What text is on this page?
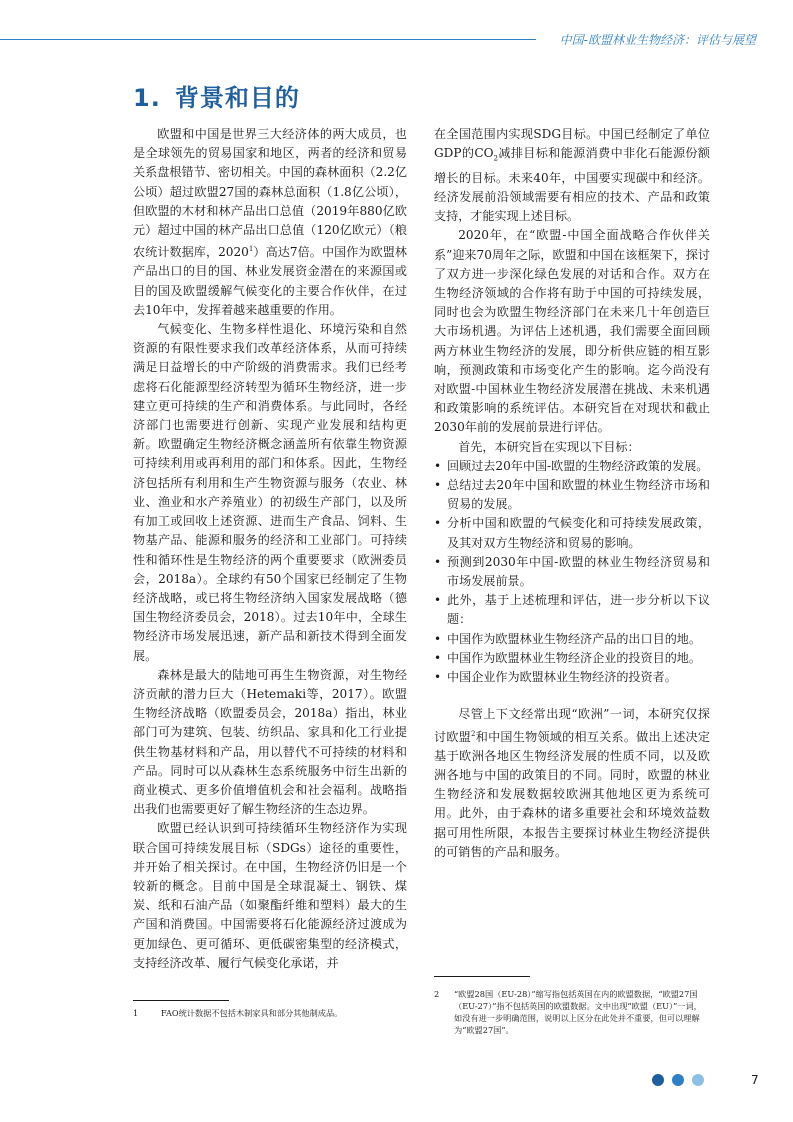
中国-欧盟林业生物经济：评估与展望
1. 背景和目的

欧盟和中国是世界三大经济体的两大成员，也是全球领先的贸易国家和地区，两者的经济和贸易关系盘根错节、密切相关。中国的森林面积（2.2亿公顷）超过欧盟27国的森林总面积（1.8亿公顷），但欧盟的木材和林产品出口总值（2019年880亿欧元）超过中国的林产品出口总值（120亿欧元）（粮农统计数据库，2020$^1$）高达7倍。中国作为欧盟林产品出口的目的国、林业发展资金潜在的来源国或目的国及欧盟缓解气候变化的主要合作伙伴，在过去10年中，发挥着越来越重要的作用。

气候变化、生物多样性退化、环境污染和自然资源的有限性要求我们改革经济体系，从而可持续满足日益增长的中产阶级的消费需求。我们已经考虑将石化能源型经济转型为循环生物经济，进一步建立更可持续的生产和消费体系。与此同时，各经济部门也需要进行创新、实现产业发展和结构更新。欧盟确定生物经济概念涵盖所有依靠生物资源可持续利用或再利用的部门和体系。因此，生物经济包括所有利用和生产生物资源与服务（农业、林业、渔业和水产养殖业）的初级生产部门，以及所有加工或回收上述资源、进而生产食品、饲料、生物基产品、能源和服务的经济和工业部门。可持续性和循环性是生物经济的两个重要要求（欧洲委员会，2018a）。全球约有50个国家已经制定了生物经济战略，或已将生物经济纳入国家发展战略（德国生物经济委员会，2018）。过去10年中，全球生物经济市场发展迅速，新产品和新技术得到全面发展。

森林是最大的陆地可再生生物资源，对生物经济贡献的潜力巨大（Hetemaki等，2017）。欧盟生物经济战略（欧盟委员会，2018a）指出，林业部门可为建筑、包装、纺织品、家具和化工行业提供生物基材料和产品，用以替代不可持续的材料和产品。同时可以从森林生态系统服务中衍生出新的商业模式、更多价值增值机会和社会福利。战略指出我们也需要更好了解生物经济的生态边界。

欧盟已经认识到可持续循环生物经济作为实现联合国可持续发展目标（SDGs）途径的重要性，并开始了相关探讨。在中国，生物经济仍旧是一个较新的概念。目前中国是全球混凝土、钢铁、煤炭、纸和石油产品（如聚酯纤维和塑料）最大的生产国和消费国。中国需要将石化能源经济过渡成为更加绿色、更可循环、更低碳密集型的经济模式，支持经济改革、履行气候变化承诺，并

在全国范围内实现SDG目标。中国已经制定了单位GDP的$CO_2$减排目标和能源消费中非化石能源份额增长的目标。未来40年，中国要实现碳中和经济。经济发展前沿领域需要有相应的技术、产品和政策支持，才能实现上述目标。

2020年，在“欧盟-中国全面战略合作伙伴关系”迎来70周年之际，欧盟和中国在该框架下，探讨了双方进一步深化绿色发展的对话和合作。双方在生物经济领域的合作将有助于中国的可持续发展，同时也会为欧盟生物经济部门在未来几十年创造巨大市场机遇。为评估上述机遇，我们需要全面回顾两方林业生物经济的发展，即分析供应链的相互影响，预测政策和市场变化产生的影响。迄今尚没有对欧盟-中国林业生物经济发展潜在挑战、未来机遇和政策影响的系统评估。本研究旨在对现状和截止2030年前的发展前景进行评估。

首先，本研究旨在实现以下目标：

• 回顾过去20年中国-欧盟的生物经济政策的发展。
• 总结过去20年中国和欧盟的林业生物经济市场和贸易的发展。
• 分析中国和欧盟的气候变化和可持续发展政策，及其对双方生物经济和贸易的影响。
• 预测到2030年中国-欧盟的林业生物经济贸易和市场发展前景。
• 此外，基于上述梳理和评估，进一步分析以下议题：
• 中国作为欧盟林业生物经济产品的出口目的地。
• 中国作为欧盟林业生物经济企业的投资目的地。
• 中国企业作为欧盟林业生物经济的投资者。

尽管上下文经常出现“欧洲”一词，本研究仅探讨欧盟$^2$和中国生物领域的相互关系。做出上述决定基于欧洲各地区生物经济发展的性质不同，以及欧洲各地与中国的政策目的不同。同时，欧盟的林业生物经济和发展数据较欧洲其他地区更为系统可用。此外，由于森林的诸多重要社会和环境效益数据可用性所限，本报告主要探讨林业生物经济提供的可销售的产品和服务。

1	FAO统计数据不包括木制家具和部分其他制成品。
2 “欧盟28国（EU-28）”缩写指包括英国在内的欧盟数据，“欧盟27国（EU-27）”指不包括英国的欧盟数据。文中出现“欧盟（EU）”一词，如没有进一步明确范围，说明以上区分在此处并不重要，但可以理解为“欧盟27国”。
7
